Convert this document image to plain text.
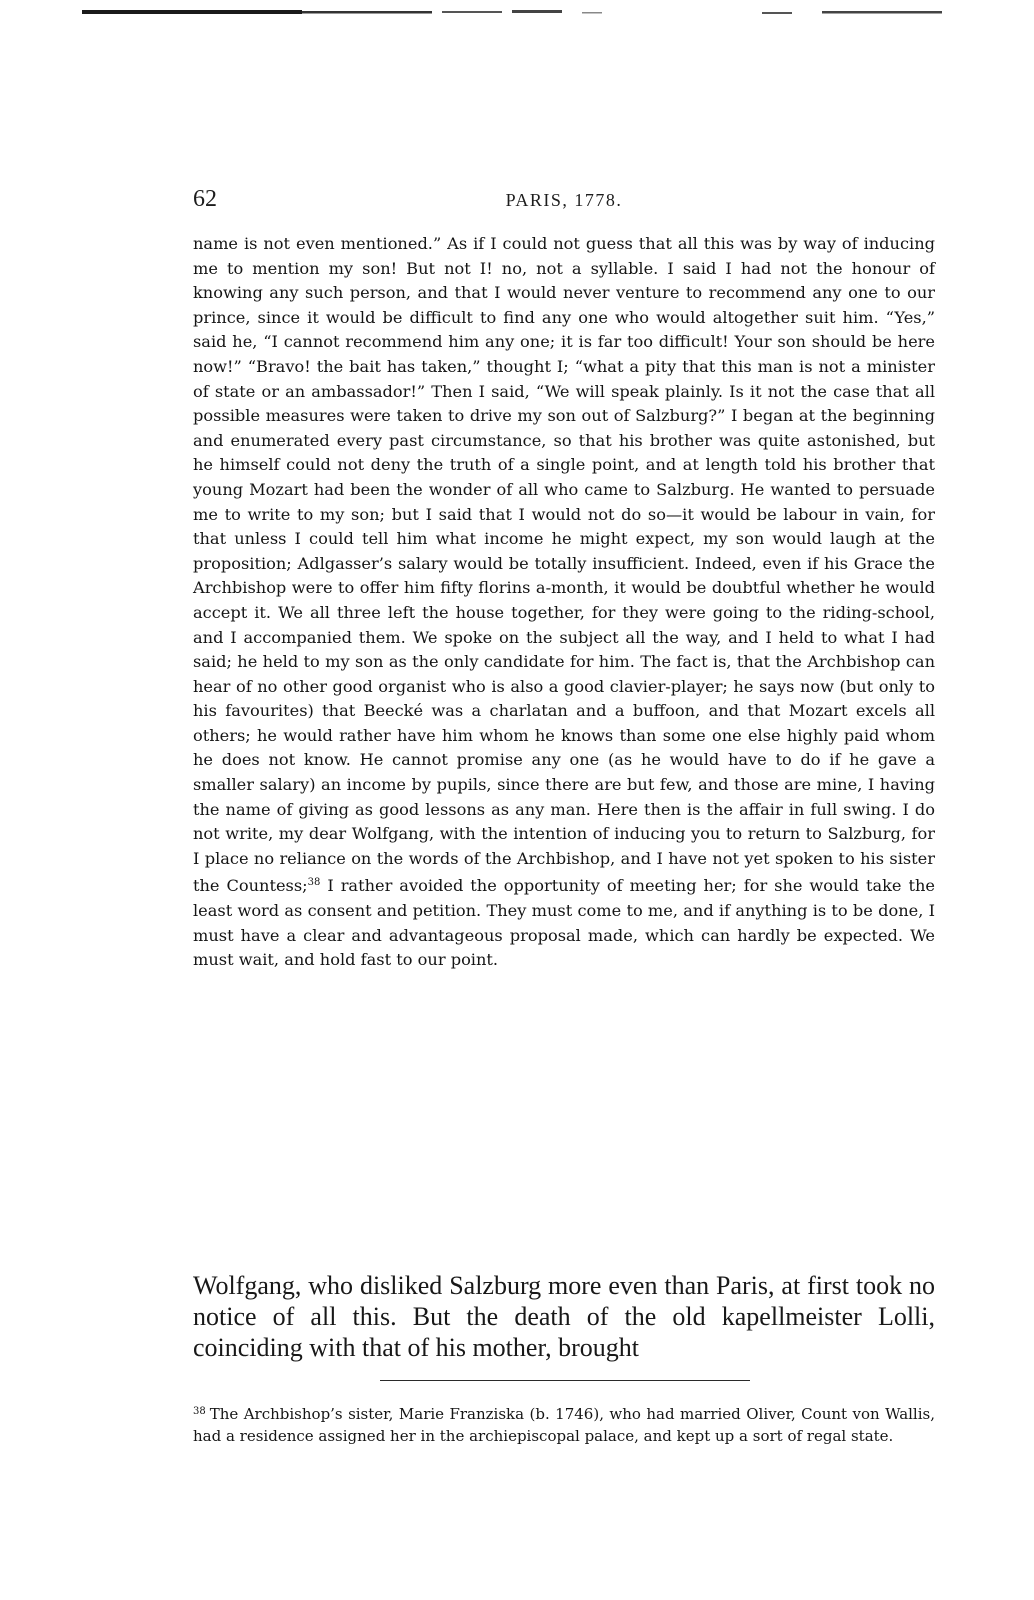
62	PARIS, 1778.
name is not even mentioned.” As if I could not guess that all this was by way of inducing me to mention my son! But not I! no, not a syllable. I said I had not the honour of knowing any such person, and that I would never venture to recommend any one to our prince, since it would be difficult to find any one who would altogether suit him. “Yes,” said he, “I cannot recommend him any one; it is far too difficult! Your son should be here now!” “Bravo! the bait has taken,” thought I; “what a pity that this man is not a minister of state or an ambassador!” Then I said, “We will speak plainly. Is it not the case that all possible measures were taken to drive my son out of Salzburg?” I began at the beginning and enumerated every past circumstance, so that his brother was quite astonished, but he himself could not deny the truth of a single point, and at length told his brother that young Mozart had been the wonder of all who came to Salzburg. He wanted to persuade me to write to my son; but I said that I would not do so—it would be labour in vain, for that unless I could tell him what income he might expect, my son would laugh at the proposition; Adlgasser’s salary would be totally insufficient. Indeed, even if his Grace the Archbishop were to offer him fifty florins a-month, it would be doubtful whether he would accept it. We all three left the house together, for they were going to the riding-school, and I accompanied them. We spoke on the subject all the way, and I held to what I had said; he held to my son as the only candidate for him. The fact is, that the Archbishop can hear of no other good organist who is also a good clavier-player; he says now (but only to his favourites) that Beecké was a charlatan and a buffoon, and that Mozart excels all others; he would rather have him whom he knows than some one else highly paid whom he does not know. He cannot promise any one (as he would have to do if he gave a smaller salary) an income by pupils, since there are but few, and those are mine, I having the name of giving as good lessons as any man. Here then is the affair in full swing. I do not write, my dear Wolfgang, with the intention of inducing you to return to Salzburg, for I place no reliance on the words of the Archbishop, and I have not yet spoken to his sister the Countess;$^{38}$ I rather avoided the opportunity of meeting her; for she would take the least word as consent and petition. They must come to me, and if anything is to be done, I must have a clear and advantageous proposal made, which can hardly be expected. We must wait, and hold fast to our point.
Wolfgang, who disliked Salzburg more even than Paris, at first took no notice of all this. But the death of the old kapellmeister Lolli, coinciding with that of his mother, brought
$^{38}$ The Archbishop’s sister, Marie Franziska (b. 1746), who had married Oliver, Count von Wallis, had a residence assigned her in the archiepiscopal palace, and kept up a sort of regal state.
